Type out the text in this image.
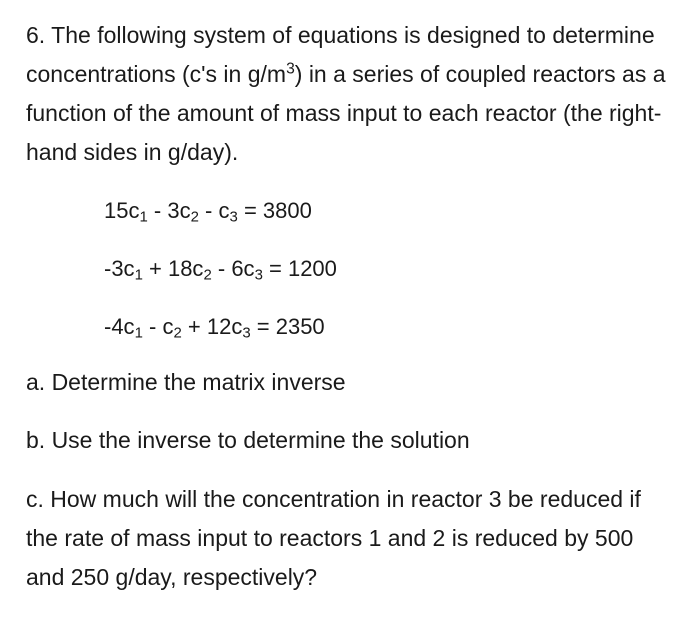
6. The following system of equations is designed to determine concentrations (c's in $g/m^3$) in a series of coupled reactors as a function of the amount of mass input to each reactor (the right-hand sides in g/day).
$15c_1 - 3c_2 - c_3 = 3800$
$-3c_1 + 18c_2 - 6c_3 = 1200$
$-4c_1 - c_2 + 12c_3 = 2350$
a. Determine the matrix inverse
b. Use the inverse to determine the solution
c. How much will the concentration in reactor 3 be reduced if the rate of mass input to reactors 1 and 2 is reduced by 500 and 250 g/day, respectively?
